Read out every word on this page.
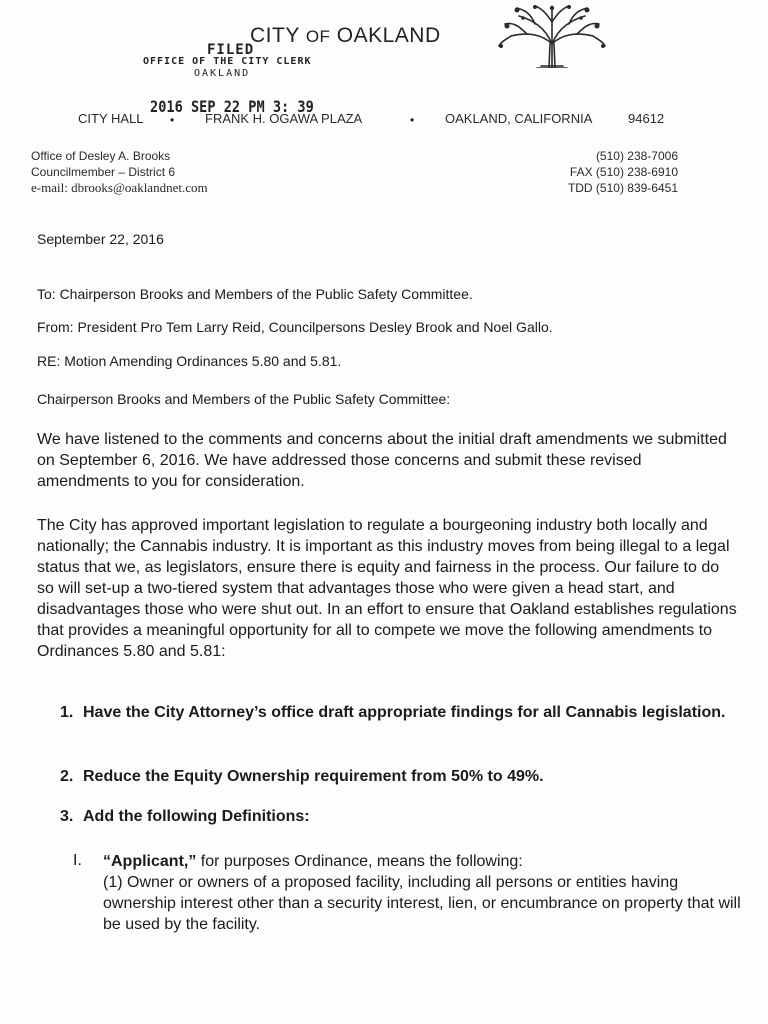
CITY OF OAKLAND
FILED
OFFICE OF THE CITY CLERK
OAKLAND
CITY HALL • FRANK H. OGAWA PLAZA	• OAKLAND, CALIFORNIA	94612
2016 SEP 22 PM 3: 39
Office of Desley A. Brooks
Councilmember – District 6
e-mail: dbrooks@oaklandnet.com
(510) 238-7006
FAX (510) 238-6910
TDD (510) 839-6451
September 22, 2016
To: Chairperson Brooks and Members of the Public Safety Committee.
From: President Pro Tem Larry Reid, Councilpersons Desley Brook and Noel Gallo.
RE: Motion Amending Ordinances 5.80 and 5.81.
Chairperson Brooks and Members of the Public Safety Committee:

We have listened to the comments and concerns about the initial draft amendments we submitted on September 6, 2016. We have addressed those concerns and submit these revised amendments to you for consideration.

The City has approved important legislation to regulate a bourgeoning industry both locally and nationally; the Cannabis industry. It is important as this industry moves from being illegal to a legal status that we, as legislators, ensure there is equity and fairness in the process. Our failure to do so will set-up a two-tiered system that advantages those who were given a head start, and disadvantages those who were shut out. In an effort to ensure that Oakland establishes regulations that provides a meaningful opportunity for all to compete we move the following amendments to Ordinances 5.80 and 5.81:

1. Have the City Attorney’s office draft appropriate findings for all Cannabis legislation.
2. Reduce the Equity Ownership requirement from 50% to 49%.
3. Add the following Definitions:
I. “Applicant,” for purposes Ordinance, means the following:
(1) Owner or owners of a proposed facility, including all persons or entities having ownership interest other than a security interest, lien, or encumbrance on property that will be used by the facility.
